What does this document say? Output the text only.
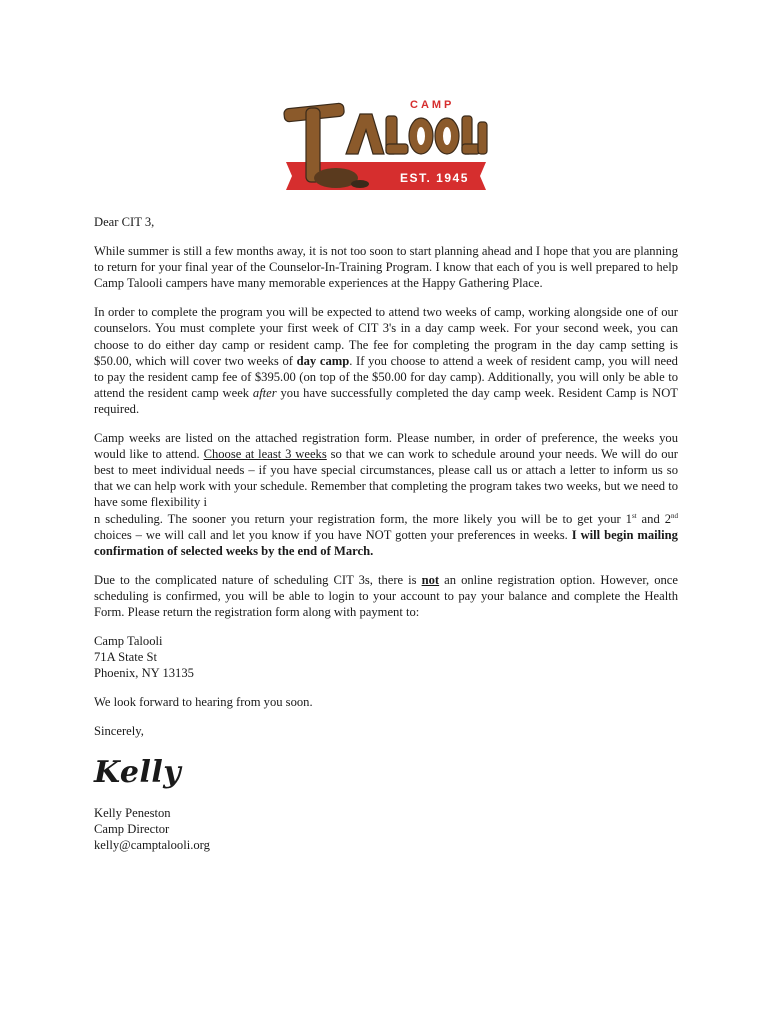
CAMP
EST. 1945

Dear CIT 3,

While summer is still a few months away, it is not too soon to start planning ahead and I hope that you are planning to return for your final year of the Counselor-In-Training Program. I know that each of you is well prepared to help Camp Talooli campers have many memorable experiences at the Happy Gathering Place.

In order to complete the program you will be expected to attend two weeks of camp, working alongside one of our counselors. You must complete your first week of CIT 3's in a day camp week. For your second week, you can choose to do either day camp or resident camp. The fee for completing the program in the day camp setting is $50.00, which will cover two weeks of day camp. If you choose to attend a week of resident camp, you will need to pay the resident camp fee of $395.00 (on top of the $50.00 for day camp). Additionally, you will only be able to attend the resident camp week after you have successfully completed the day camp week. Resident Camp is NOT required.

Camp weeks are listed on the attached registration form. Please number, in order of preference, the weeks you would like to attend. Choose at least 3 weeks so that we can work to schedule around your needs. We will do our best to meet individual needs – if you have special circumstances, please call us or attach a letter to inform us so that we can help work with your schedule. Remember that completing the program takes two weeks, but we need to have some flexibility i
n scheduling. The sooner you return your registration form, the more likely you will be to get your 1st and 2nd choices – we will call and let you know if you have NOT gotten your preferences in weeks. I will begin mailing confirmation of selected weeks by the end of March.

Due to the complicated nature of scheduling CIT 3s, there is not an online registration option. However, once scheduling is confirmed, you will be able to login to your account to pay your balance and complete the Health Form. Please return the registration form along with payment to:

Camp Talooli

71A State St

Phoenix, NY 13135

We look forward to hearing from you soon.

Sincerely,

Kelly

Kelly Peneston

Camp Director

kelly@camptalooli.org
